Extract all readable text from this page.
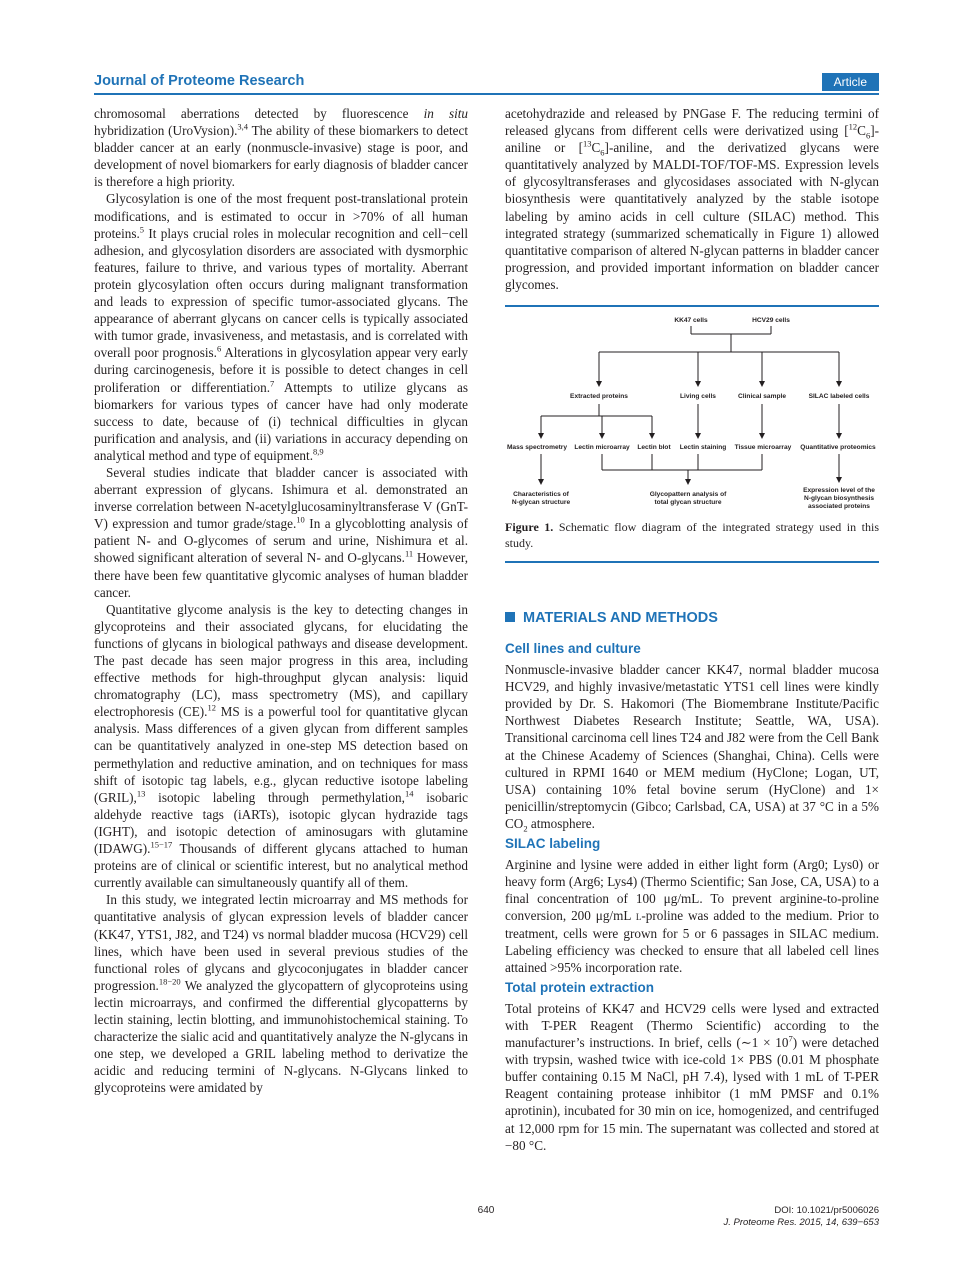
Journal of Proteome Research	Article

chromosomal aberrations detected by fluorescence in situ hybridization (UroVysion).$^{3,4}$ The ability of these biomarkers to detect bladder cancer at an early (nonmuscle-invasive) stage is poor, and development of novel biomarkers for early diagnosis of bladder cancer is therefore a high priority.

Glycosylation is one of the most frequent post-translational protein modifications, and is estimated to occur in >70% of all human proteins.$^5$ It plays crucial roles in molecular recognition and cell−cell adhesion, and glycosylation disorders are associated with dysmorphic features, failure to thrive, and various types of mortality. Aberrant protein glycosylation often occurs during malignant transformation and leads to expression of specific tumor-associated glycans. The appearance of aberrant glycans on cancer cells is typically associated with tumor grade, invasiveness, and metastasis, and is correlated with overall poor prognosis.$^6$ Alterations in glycosylation appear very early during carcinogenesis, before it is possible to detect changes in cell proliferation or differentiation.$^7$ Attempts to utilize glycans as biomarkers for various types of cancer have had only moderate success to date, because of (i) technical difficulties in glycan purification and analysis, and (ii) variations in accuracy depending on analytical method and type of equipment.$^{8,9}$

Several studies indicate that bladder cancer is associated with aberrant expression of glycans. Ishimura et al. demonstrated an inverse correlation between N-acetylglucosaminyltransferase V (GnT-V) expression and tumor grade/stage.$^{10}$ In a glycoblotting analysis of patient N- and O-glycomes of serum and urine, Nishimura et al. showed significant alteration of several N- and O-glycans.$^{11}$ However, there have been few quantitative glycomic analyses of human bladder cancer.

Quantitative glycome analysis is the key to detecting changes in glycoproteins and their associated glycans, for elucidating the functions of glycans in biological pathways and disease development. The past decade has seen major progress in this area, including effective methods for high-throughput glycan analysis: liquid chromatography (LC), mass spectrometry (MS), and capillary electrophoresis (CE).$^{12}$ MS is a powerful tool for quantitative glycan analysis. Mass differences of a given glycan from different samples can be quantitatively analyzed in one-step MS detection based on permethylation and reductive amination, and on techniques for mass shift of isotopic tag labels, e.g., glycan reductive isotope labeling (GRIL),$^{13}$ isotopic labeling through permethylation,$^{14}$ isobaric aldehyde reactive tags (iARTs), isotopic glycan hydrazide tags (IGHT), and isotopic detection of aminosugars with glutamine (IDAWG).$^{15-17}$ Thousands of different glycans attached to human proteins are of clinical or scientific interest, but no analytical method currently available can simultaneously quantify all of them.

In this study, we integrated lectin microarray and MS methods for quantitative analysis of glycan expression levels of bladder cancer (KK47, YTS1, J82, and T24) vs normal bladder mucosa (HCV29) cell lines, which have been used in several previous studies of the functional roles of glycans and glycoconjugates in bladder cancer progression.$^{18-20}$ We analyzed the glycopattern of glycoproteins using lectin microarrays, and confirmed the differential glycopatterns by lectin staining, lectin blotting, and immunohistochemical staining. To characterize the sialic acid and quantitatively analyze the N-glycans in one step, we developed a GRIL labeling method to derivatize the acidic and reducing termini of N-glycans. N-Glycans linked to glycoproteins were amidated by

acetohydrazide and released by PNGase F. The reducing termini of released glycans from different cells were derivatized using $[^{12}C_6]$-aniline or $[^{13}C_6]$-aniline, and the derivatized glycans were quantitatively analyzed by MALDI-TOF/TOF-MS. Expression levels of glycosyltransferases and glycosidases associated with N-glycan biosynthesis were quantitatively analyzed by the stable isotope labeling by amino acids in cell culture (SILAC) method. This integrated strategy (summarized schematically in Figure 1) allowed quantitative comparison of altered N-glycan patterns in bladder cancer progression, and provided important information on bladder cancer glycomes.

KK47 cells	HCV29 cells
Extracted proteins	Living cells	Clinical sample	SILAC labeled cells
Mass spectrometry Lectin microarray Lectin blot Lectin staining Tissue microarray Quantitative proteomics
Characteristics of
N-glycan structure
Glycopattern analysis of
total glycan structure
Expression level of the
N-glycan biosynthesis
associated proteins
Figure 1. Schematic flow diagram of the integrated strategy used in this study.
MATERIALS AND METHODS
Cell lines and culture

Nonmuscle-invasive bladder cancer KK47, normal bladder mucosa HCV29, and highly invasive/metastatic YTS1 cell lines were kindly provided by Dr. S. Hakomori (The Biomembrane Institute/Pacific Northwest Diabetes Research Institute; Seattle, WA, USA). Transitional carcinoma cell lines T24 and J82 were from the Cell Bank at the Chinese Academy of Sciences (Shanghai, China). Cells were cultured in RPMI 1640 or MEM medium (HyClone; Logan, UT, USA) containing 10% fetal bovine serum (HyClone) and 1× penicillin/streptomycin (Gibco; Carlsbad, CA, USA) at 37 °C in a 5% $CO_2$ atmosphere.

SILAC labeling

Arginine and lysine were added in either light form (Arg0; Lys0) or heavy form (Arg6; Lys4) (Thermo Scientific; San Jose, CA, USA) to a final concentration of 100 μg/mL. To prevent arginine-to-proline conversion, 200 μg/mL l-proline was added to the medium. Prior to treatment, cells were grown for 5 or 6 passages in SILAC medium. Labeling efficiency was checked to ensure that all labeled cell lines attained >95% incorporation rate.

Total protein extraction

Total proteins of KK47 and HCV29 cells were lysed and extracted with T-PER Reagent (Thermo Scientific) according to the manufacturer’s instructions. In brief, cells (∼1 × $10^7$) were detached with trypsin, washed twice with ice-cold 1× PBS (0.01 M phosphate buffer containing 0.15 M NaCl, pH 7.4), lysed with 1 mL of T-PER Reagent containing protease inhibitor (1 mM PMSF and 0.1% aprotinin), incubated for 30 min on ice, homogenized, and centrifuged at 12,000 rpm for 15 min. The supernatant was collected and stored at −80 °C.

640	DOI: 10.1021/pr5006026
J. Proteome Res. 2015, 14, 639−653
